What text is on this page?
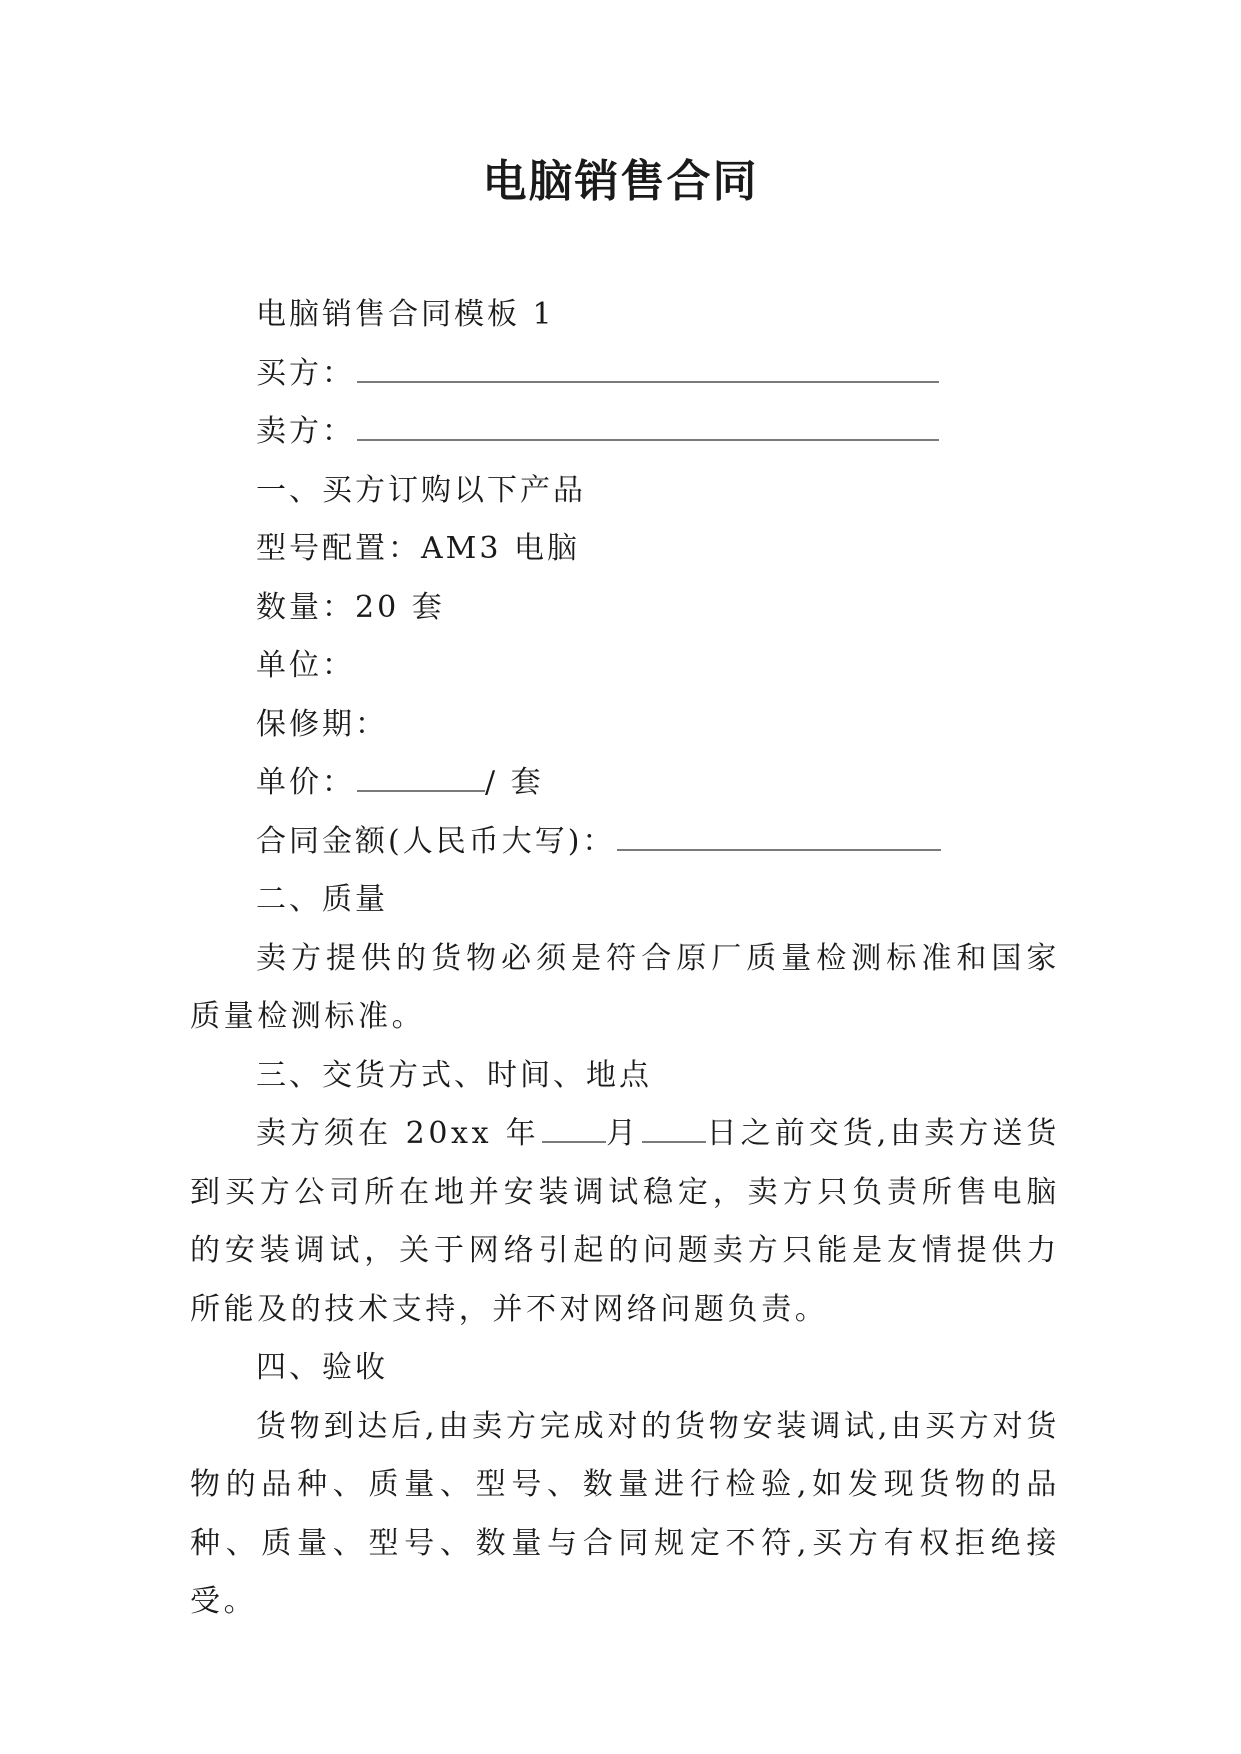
电脑销售合同
电脑销售合同模板 1
买方：
卖方：
一、买方订购以下产品
型号配置：AM3 电脑
数量：20 套
单位：
保修期：
单价：	/ 套
合同金额(人民币大写)：
二、质量
卖方提供的货物必须是符合原厂质量检测标准和国家质量检测标准。
三、交货方式、时间、地点
卖方须在 20xx 年 月 日之前交货,由卖方送货到买方公司所在地并安装调试稳定，卖方只负责所售电脑的安装调试，关于网络引起的问题卖方只能是友情提供力所能及的技术支持，并不对网络问题负责。
四、验收
货物到达后,由卖方完成对的货物安装调试,由买方对货物的品种、质量、型号、数量进行检验,如发现货物的品种、质量、型号、数量与合同规定不符,买方有权拒绝接受。
